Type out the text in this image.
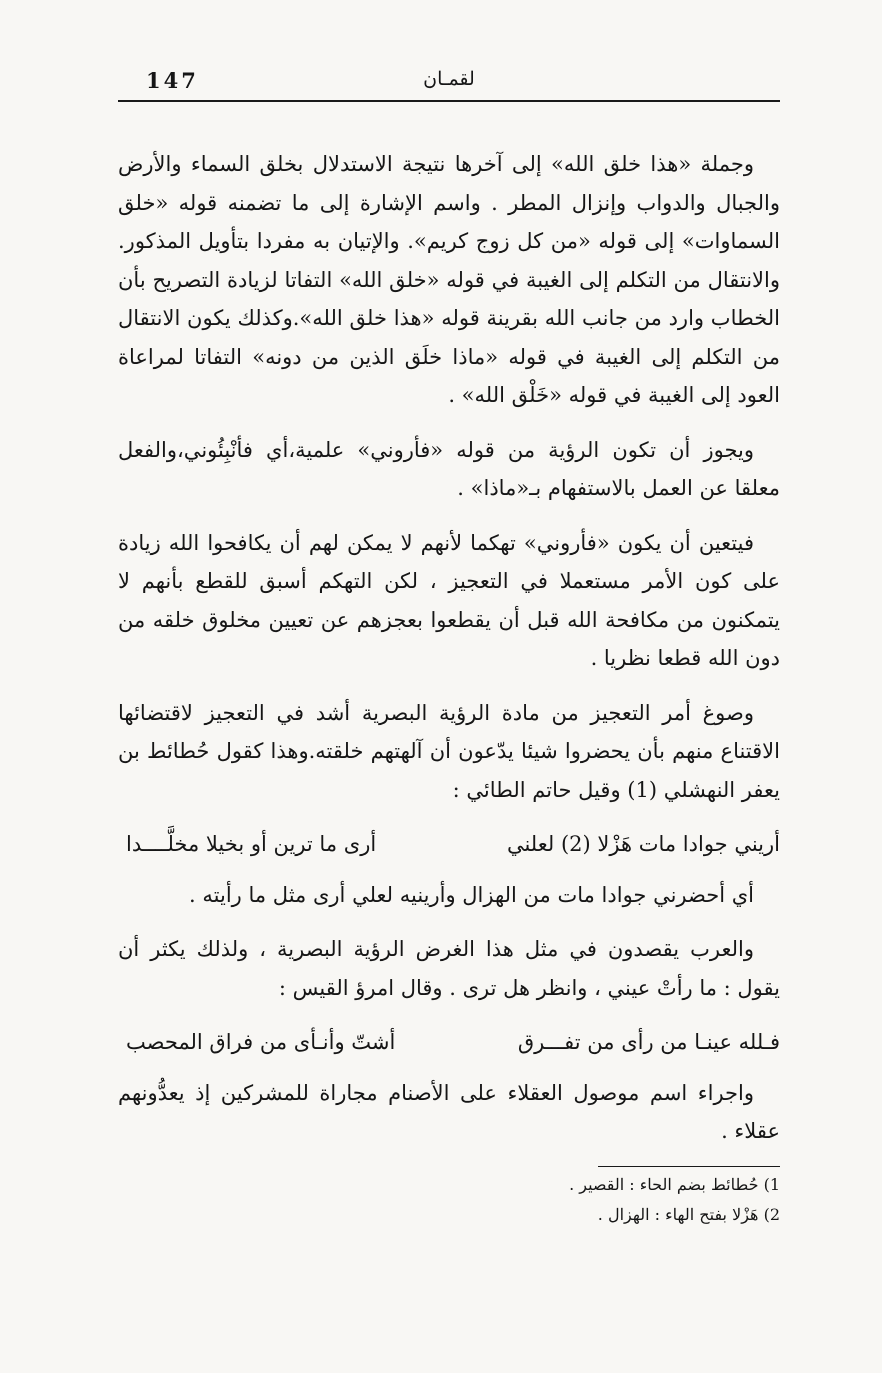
147	لقمـان

وجملة «هذا خلق الله» إلى آخرها نتيجة الاستدلال بخلق السماء والأرض والجبال والدواب وإنزال المطر . واسم الإشارة إلى ما تضمنه قوله «خلق السماوات» إلى قوله «من كل زوج كريم». والإتيان به مفردا بتأويل المذكور. والانتقال من التكلم إلى الغيبة في قوله «خلق الله» التفاتا لزيادة التصريح بأن الخطاب وارد من جانب الله بقرينة قوله «هذا خلق الله».وكذلك يكون الانتقال من التكلم إلى الغيبة في قوله «ماذا خلَق الذين من دونه» التفاتا لمراعاة العود إلى الغيبة في قوله «خَلْق الله» .

ويجوز أن تكون الرؤية من قوله «فأروني» علمية،أي فأنْبِئُوني،والفعل معلقا عن العمل بالاستفهام بـ«ماذا» .

فيتعين أن يكون «فأروني» تهكما لأنهم لا يمكن لهم أن يكافحوا الله زيادة على كون الأمر مستعملا في التعجيز ، لكن التهكم أسبق للقطع بأنهم لا يتمكنون من مكافحة الله قبل أن يقطعوا بعجزهم عن تعيين مخلوق خلقه من دون الله قطعا نظريا .

وصوغ أمر التعجيز من مادة الرؤية البصرية أشد في التعجيز لاقتضائها الاقتناع منهم بأن يحضروا شيئا يدّعون أن آلهتهم خلقته.وهذا كقول حُطائط بن يعفر النهشلي (1) وقيل حاتم الطائي :

أريني جوادا مات هَزْلا (2) لعلني
أرى ما ترين أو بخيلا مخلَّــــدا

أي أحضرني جوادا مات من الهزال وأرينيه لعلي أرى مثل ما رأيته .

والعرب يقصدون في مثل هذا الغرض الرؤية البصرية ، ولذلك يكثر أن يقول : ما رأتْ عيني ، وانظر هل ترى . وقال امرؤ القيس :

فـلله عينـا من رأى من تفـــرق
أشتّ وأنـأى من فراق المحصب

واجراء اسم موصول العقلاء على الأصنام مجاراة للمشركين إذ يعدُّونهم عقلاء .

1) حُطائط بضم الحاء : القصير .
2) هَزْلا بفتح الهاء : الهزال .
